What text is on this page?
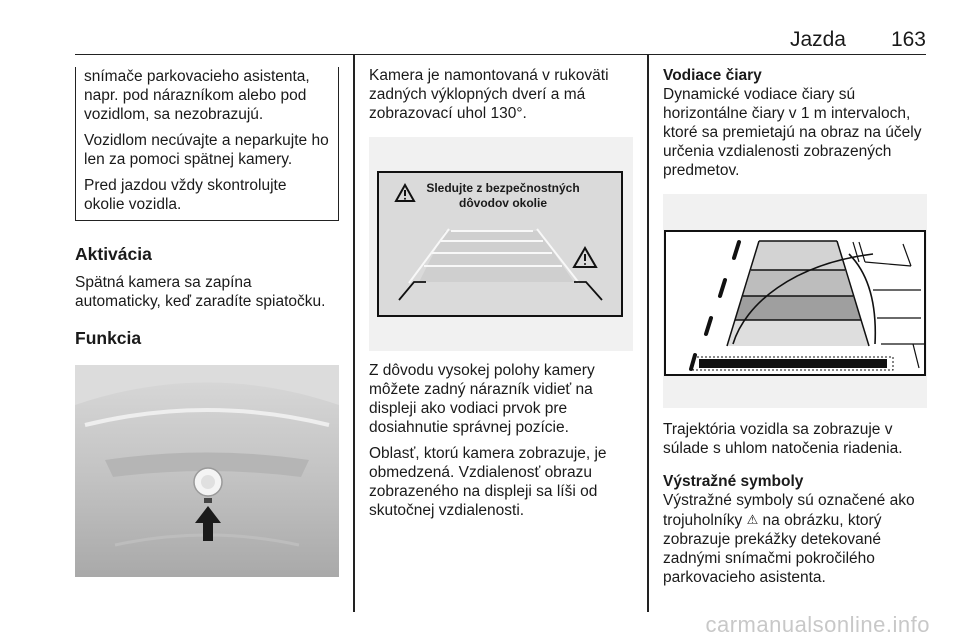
Jazda 163

snímače parkovacieho asistenta, napr. pod nárazníkom alebo pod vozidlom, sa nezobrazujú.

Vozidlom necúvajte a neparkujte ho len za pomoci spätnej kamery.

Pred jazdou vždy skontrolujte okolie vozidla.

Aktivácia

Spätná kamera sa zapína automaticky, keď zaradíte spiatočku.

Funkcia

Kamera je namontovaná v rukoväti zadných výklopných dverí a má zobrazovací uhol 130°.

Sledujte z bezpečnostných
dôvodov okolie

Z dôvodu vysokej polohy kamery môžete zadný nárazník vidieť na displeji ako vodiaci prvok pre dosiahnutie správnej pozície.

Oblasť, ktorú kamera zobrazuje, je obmedzená. Vzdialenosť obrazu zobrazeného na displeji sa líši od skutočnej vzdialenosti.

Vodiace čiary

Dynamické vodiace čiary sú horizontálne čiary v 1 m intervaloch, ktoré sa premietajú na obraz na účely určenia vzdialenosti zobrazených predmetov.

Trajektória vozidla sa zobrazuje v súlade s uhlom natočenia riadenia.

Výstražné symboly

Výstražné symboly sú označené ako trojuholníky ⚠ na obrázku, ktorý zobrazuje prekážky detekované zadnými snímačmi pokročilého parkovacieho asistenta.

carmanualsonline.info
